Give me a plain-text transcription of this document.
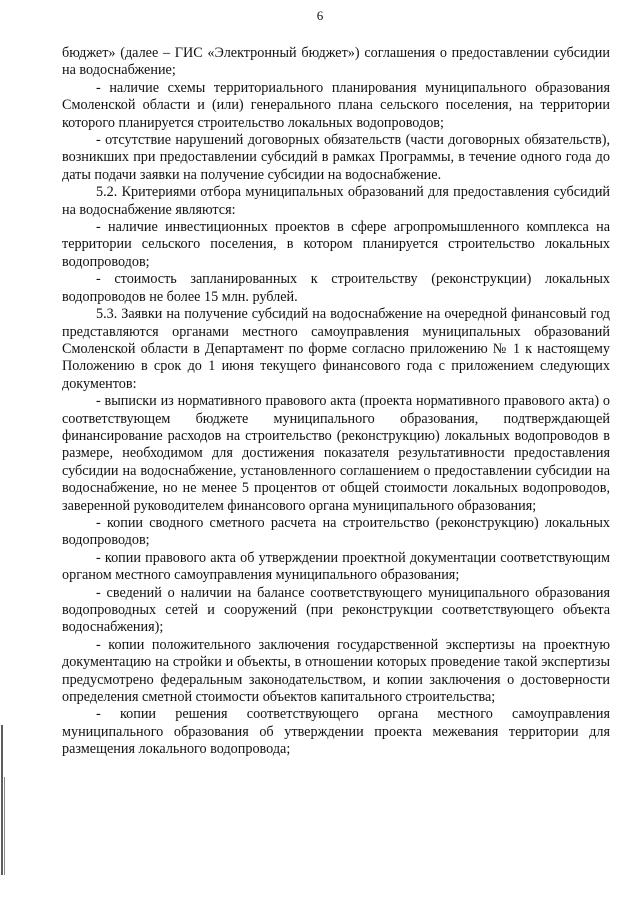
6

бюджет» (далее – ГИС «Электронный бюджет») соглашения о предоставлении субсидии на водоснабжение;

- наличие схемы территориального планирования муниципального образования Смоленской области и (или) генерального плана сельского поселения, на территории которого планируется строительство локальных водопроводов;

- отсутствие нарушений договорных обязательств (части договорных обязательств), возникших при предоставлении субсидий в рамках Программы, в течение одного года до даты подачи заявки на получение субсидии на водоснабжение.

5.2. Критериями отбора муниципальных образований для предоставления субсидий на водоснабжение являются:

- наличие инвестиционных проектов в сфере агропромышленного комплекса на территории сельского поселения, в котором планируется строительство локальных водопроводов;

- стоимость запланированных к строительству (реконструкции) локальных водопроводов не более 15 млн. рублей.

5.3. Заявки на получение субсидий на водоснабжение на очередной финансовый год представляются органами местного самоуправления муниципальных образований Смоленской области в Департамент по форме согласно приложению № 1 к настоящему Положению в срок до 1 июня текущего финансового года с приложением следующих документов:

- выписки из нормативного правового акта (проекта нормативного правового акта) о соответствующем бюджете муниципального образования, подтверждающей финансирование расходов на строительство (реконструкцию) локальных водопроводов в размере, необходимом для достижения показателя результативности предоставления субсидии на водоснабжение, установленного соглашением о предоставлении субсидии на водоснабжение, но не менее 5 процентов от общей стоимости локальных водопроводов, заверенной руководителем финансового органа муниципального образования;

- копии сводного сметного расчета на строительство (реконструкцию) локальных водопроводов;

- копии правового акта об утверждении проектной документации соответствующим органом местного самоуправления муниципального образования;

- сведений о наличии на балансе соответствующего муниципального образования водопроводных сетей и сооружений (при реконструкции соответствующего объекта водоснабжения);

- копии положительного заключения государственной экспертизы на проектную документацию на стройки и объекты, в отношении которых проведение такой экспертизы предусмотрено федеральным законодательством, и копии заключения о достоверности определения сметной стоимости объектов капитального строительства;

- копии решения соответствующего органа местного самоуправления муниципального образования об утверждении проекта межевания территории для размещения локального водопровода;
